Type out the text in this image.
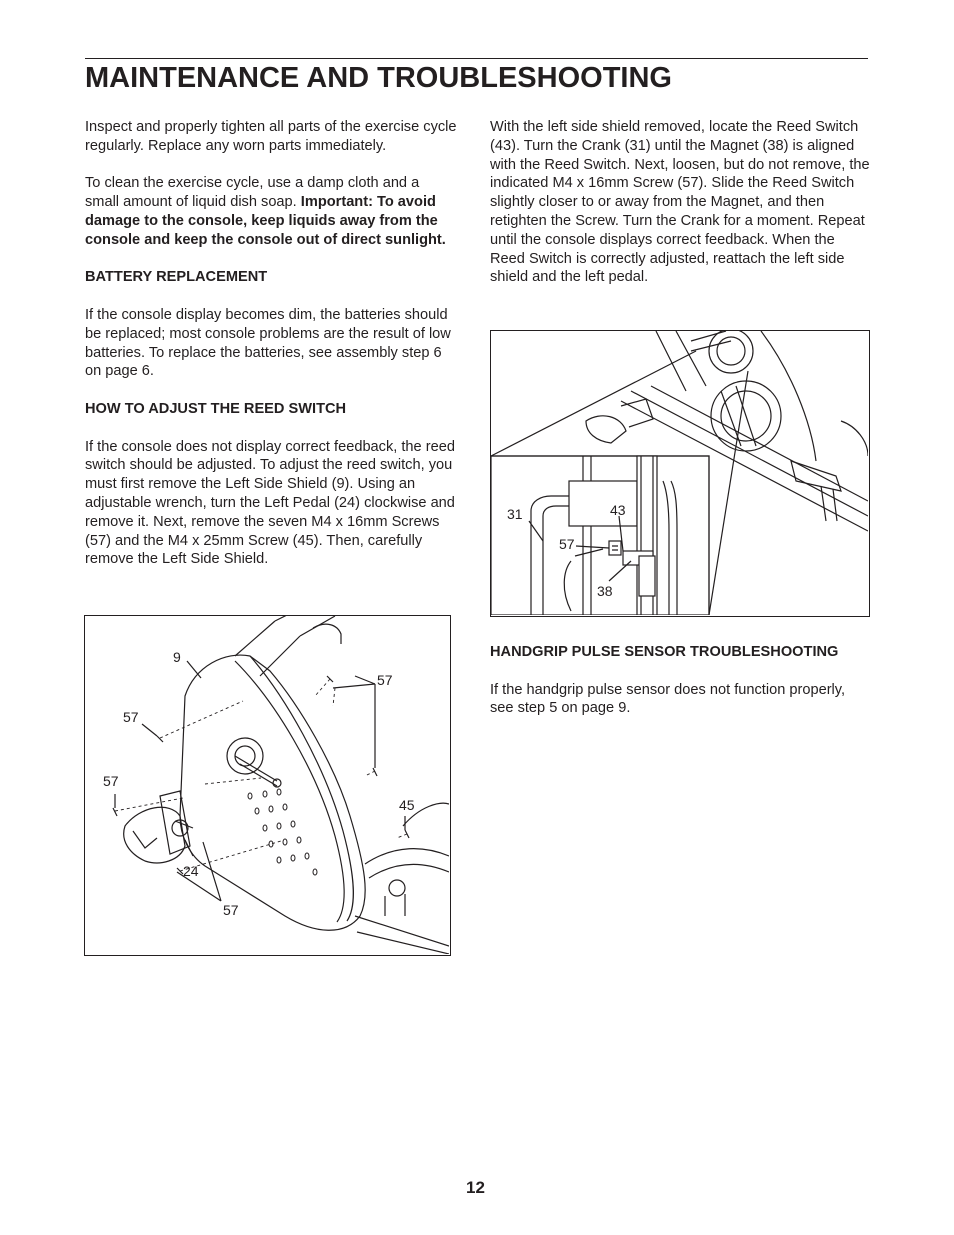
MAINTENANCE AND TROUBLESHOOTING

Inspect and properly tighten all parts of the exercise cycle regularly. Replace any worn parts immediately.

To clean the exercise cycle, use a damp cloth and a small amount of liquid dish soap. Important: To avoid damage to the console, keep liquids away from the console and keep the console out of direct sunlight.

BATTERY REPLACEMENT

If the console display becomes dim, the batteries should be replaced; most console problems are the result of low batteries. To replace the batteries, see assembly step 6 on page 6.

HOW TO ADJUST THE REED SWITCH

If the console does not display correct feedback, the reed switch should be adjusted. To adjust the reed switch, you must first remove the Left Side Shield (9). Using an adjustable wrench, turn the Left Pedal (24) clockwise and remove it. Next, remove the seven M4 x 16mm Screws (57) and the M4 x 25mm Screw (45). Then, carefully remove the Left Side Shield.

With the left side shield removed, locate the Reed Switch (43). Turn the Crank (31) until the Magnet (38) is aligned with the Reed Switch. Next, loosen, but do not remove, the indicated M4 x 16mm Screw (57). Slide the Reed Switch slightly closer to or away from the Magnet, and then retighten the Screw. Turn the Crank for a moment. Repeat until the console displays correct feedback. When the Reed Switch is correctly adjusted, reattach the left side shield and the left pedal.

9
57
57
57
45
24
57
31	43
57
38
HANDGRIP PULSE SENSOR TROUBLESHOOTING

If the handgrip pulse sensor does not function properly, see step 5 on page 9.

12
